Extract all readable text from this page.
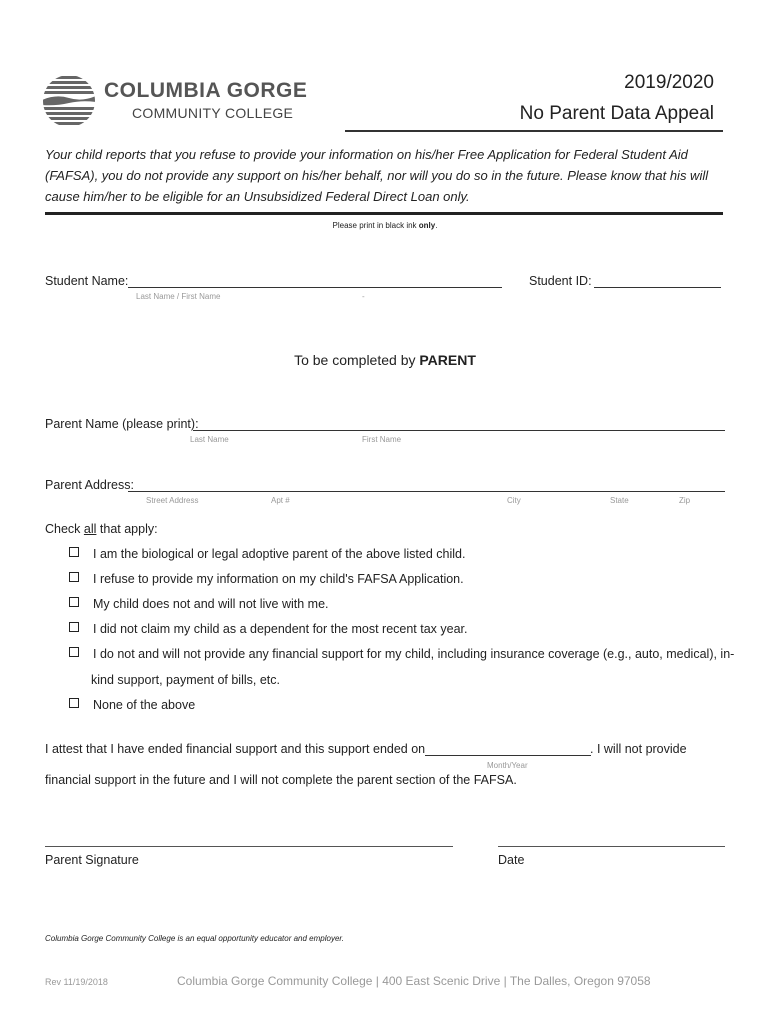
COLUMBIA GORGE
COMMUNITY COLLEGE
2019/2020
No Parent Data Appeal
Your child reports that you refuse to provide your information on his/her Free Application for Federal Student Aid (FAFSA), you do not provide any support on his/her behalf, nor will you do so in the future. Please know that his will cause him/her to be eligible for an Unsubsidized Federal Direct Loan only.
Please print in black ink only.
Student Name:
Last Name / First Name	-
Student ID:
To be completed by PARENT
Parent Name (please print):
Last Name	First Name
Parent Address:
Street Address	Apt #	City	State	Zip
Check all that apply:
I am the biological or legal adoptive parent of the above listed child.
I refuse to provide my information on my child's FAFSA Application.
My child does not and will not live with me.
I did not claim my child as a dependent for the most recent tax year.
I do not and will not provide any financial support for my child, including insurance coverage (e.g., auto, medical), in-
kind support, payment of bills, etc.
None of the above
I attest that I have ended financial support and this support ended on	. I will not provide
Month/Year
financial support in the future and I will not complete the parent section of the FAFSA.
Parent Signature	Date
Columbia Gorge Community College is an equal opportunity educator and employer.
Rev 11/19/2018	Columbia Gorge Community College | 400 East Scenic Drive | The Dalles, Oregon 97058
